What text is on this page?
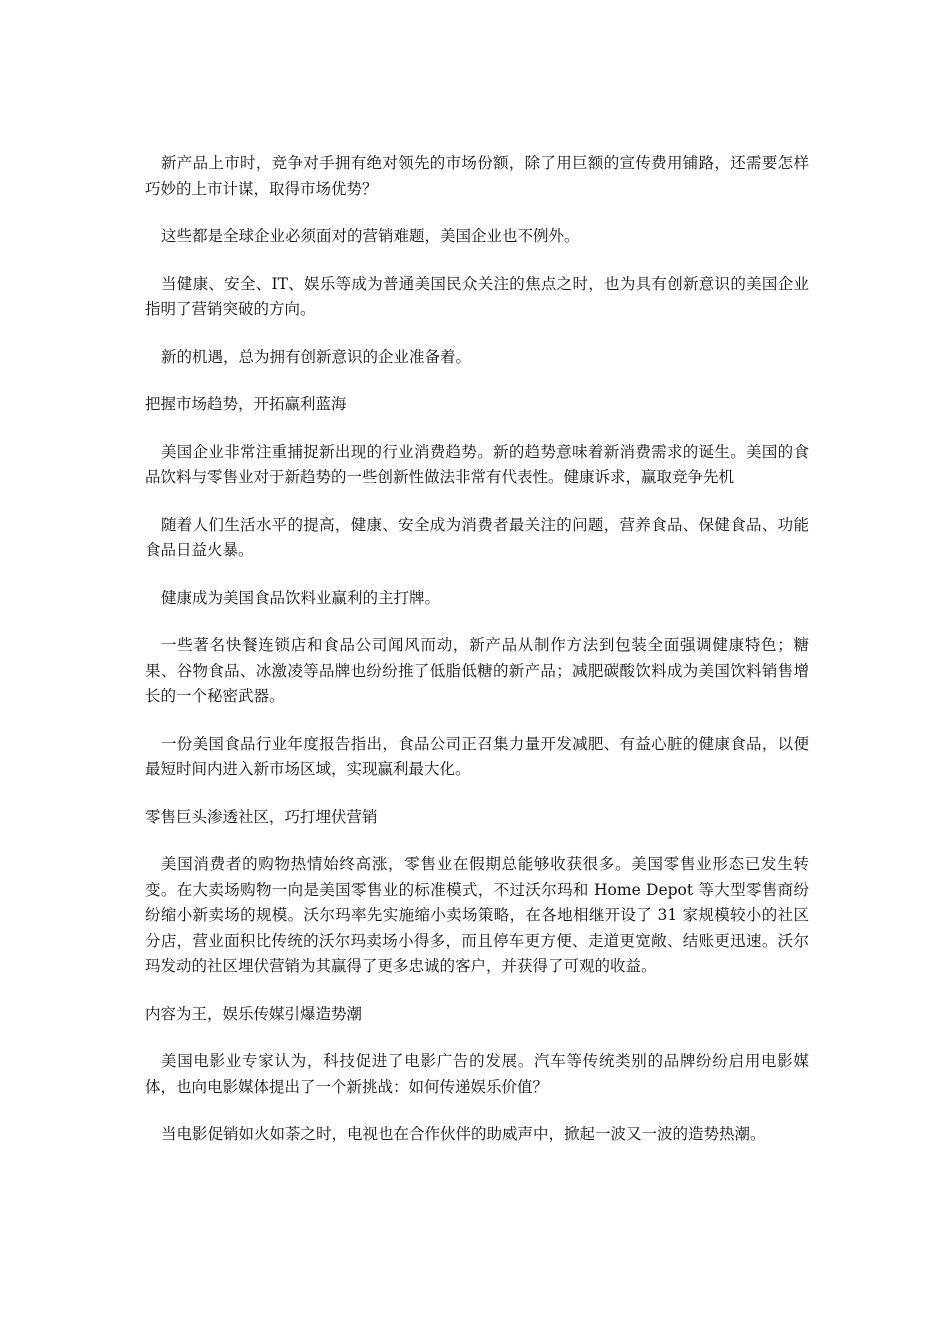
新产品上市时，竞争对手拥有绝对领先的市场份额，除了用巨额的宣传费用铺路，还需要怎样巧妙的上市计谋，取得市场优势？

这些都是全球企业必须面对的营销难题，美国企业也不例外。

当健康、安全、IT、娱乐等成为普通美国民众关注的焦点之时，也为具有创新意识的美国企业指明了营销突破的方向。

新的机遇，总为拥有创新意识的企业准备着。

把握市场趋势，开拓赢利蓝海

美国企业非常注重捕捉新出现的行业消费趋势。新的趋势意味着新消费需求的诞生。美国的食品饮料与零售业对于新趋势的一些创新性做法非常有代表性。健康诉求，赢取竞争先机

随着人们生活水平的提高，健康、安全成为消费者最关注的问题，营养食品、保健食品、功能食品日益火暴。

健康成为美国食品饮料业赢利的主打牌。

一些著名快餐连锁店和食品公司闻风而动，新产品从制作方法到包装全面强调健康特色；糖果、谷物食品、冰激凌等品牌也纷纷推了低脂低糖的新产品；减肥碳酸饮料成为美国饮料销售增长的一个秘密武器。

一份美国食品行业年度报告指出，食品公司正召集力量开发减肥、有益心脏的健康食品，以便最短时间内进入新市场区域，实现赢利最大化。

零售巨头渗透社区，巧打埋伏营销

美国消费者的购物热情始终高涨，零售业在假期总能够收获很多。美国零售业形态已发生转变。在大卖场购物一向是美国零售业的标准模式，不过沃尔玛和 Home Depot 等大型零售商纷纷缩小新卖场的规模。沃尔玛率先实施缩小卖场策略，在各地相继开设了 31 家规模较小的社区分店，营业面积比传统的沃尔玛卖场小得多，而且停车更方便、走道更宽敞、结账更迅速。沃尔玛发动的社区埋伏营销为其赢得了更多忠诚的客户，并获得了可观的收益。

内容为王，娱乐传媒引爆造势潮

美国电影业专家认为，科技促进了电影广告的发展。汽车等传统类别的品牌纷纷启用电影媒体，也向电影媒体提出了一个新挑战：如何传递娱乐价值？

当电影促销如火如荼之时，电视也在合作伙伴的助威声中，掀起一波又一波的造势热潮。
